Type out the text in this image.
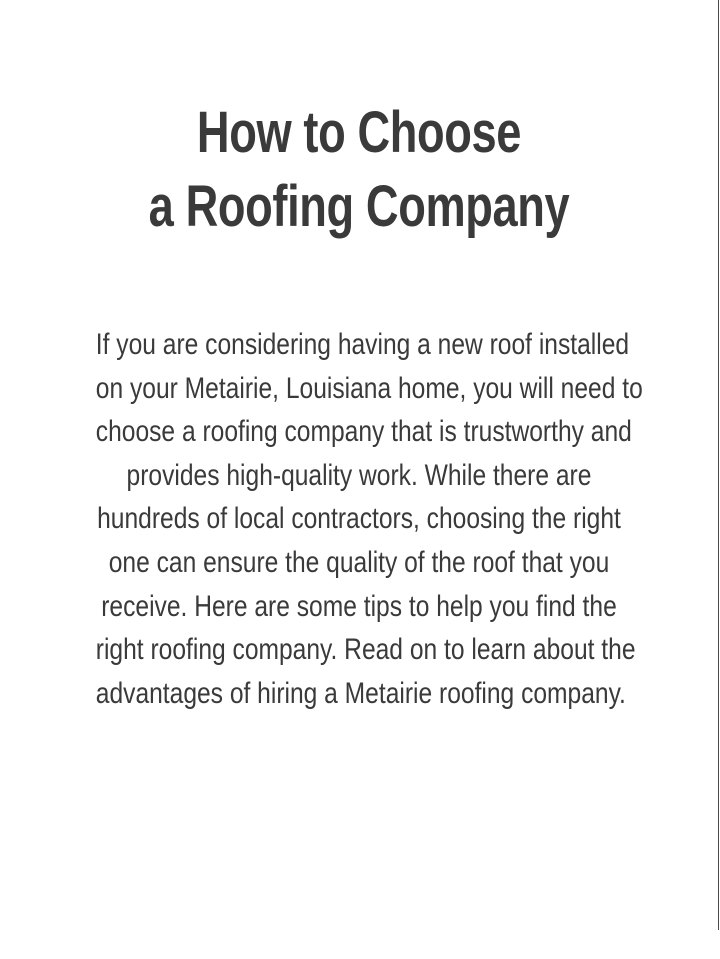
How to Choose
a Roofing Company

If you are considering having a new roof installed
on your Metairie, Louisiana home, you will need to
choose a roofing company that is trustworthy and
provides high-quality work. While there are
hundreds of local contractors, choosing the right
one can ensure the quality of the roof that you
receive. Here are some tips to help you find the
right roofing company. Read on to learn about the
advantages of hiring a Metairie roofing company.
